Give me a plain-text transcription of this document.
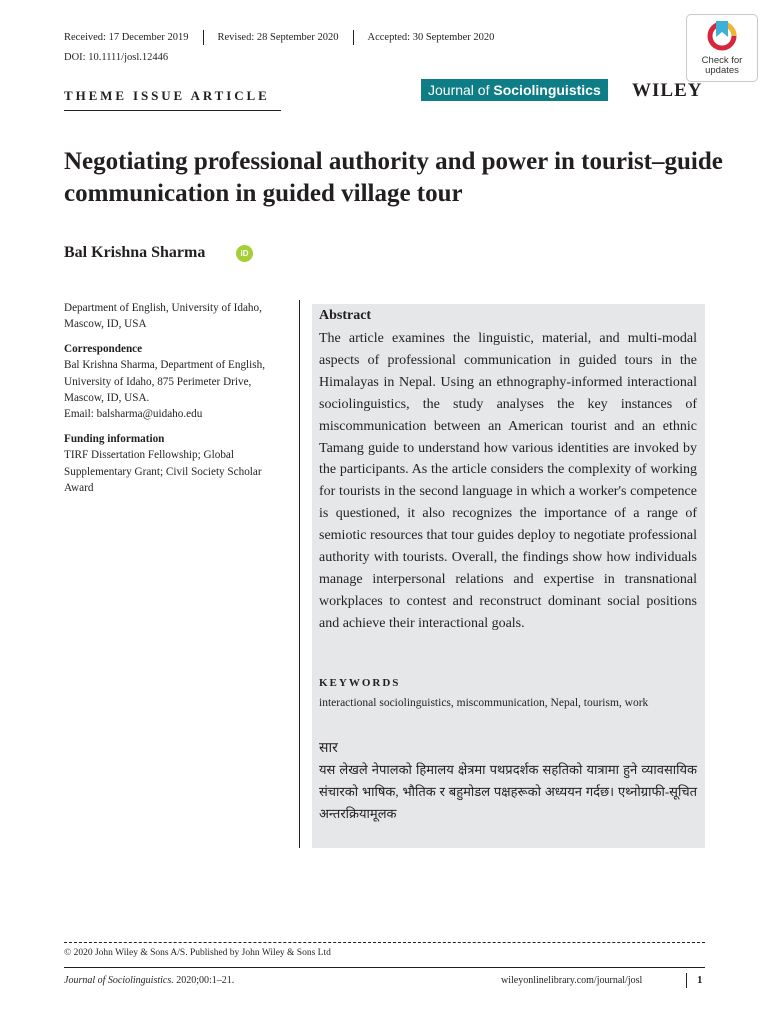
Received: 17 December 2019	Revised: 28 September 2020	Accepted: 30 September 2020
DOI: 10.1111/josl.12446	Check for updates
THEME ISSUE ARTICLE	Journal of Sociolinguistics	WILEY
Negotiating professional authority and power in tourist–guide communication in guided village tour
Bal Krishna Sharma	iD

Department of English, University of Idaho, Mascow, ID, USA

Correspondence
Bal Krishna Sharma, Department of English, University of Idaho, 875 Perimeter Drive, Mascow, ID, USA.
Email: balsharma@uidaho.edu

Funding information
TIRF Dissertation Fellowship; Global Supplementary Grant; Civil Society Scholar Award

Abstract

The article examines the linguistic, material, and multi-modal aspects of professional communication in guided tours in the Himalayas in Nepal. Using an ethnography-informed interactional sociolinguistics, the study analyses the key instances of miscommunication between an American tourist and an ethnic Tamang guide to understand how various identities are invoked by the participants. As the article considers the complexity of working for tourists in the second language in which a worker's competence is questioned, it also recognizes the importance of a range of semiotic resources that tour guides deploy to negotiate professional authority with tourists. Overall, the findings show how individuals manage interpersonal relations and expertise in transnational workplaces to contest and reconstruct dominant social positions and achieve their interactional goals.

KEYWORDS

interactional sociolinguistics, miscommunication, Nepal, tourism, work

सार

यस लेखले नेपालको हिमालय क्षेत्रमा पथप्रदर्शक सहतिको यात्रामा हुने व्यावसायिक संचारको भाषिक, भौतिक र बहुमोडल पक्षहरूको अध्ययन गर्दछ। एथ्नोग्राफी-सूचित अन्तरक्रियामूलक

© 2020 John Wiley & Sons A/S. Published by John Wiley & Sons Ltd
Journal of Sociolinguistics. 2020;00:1–21.	wileyonlinelibrary.com/journal/josl	1
